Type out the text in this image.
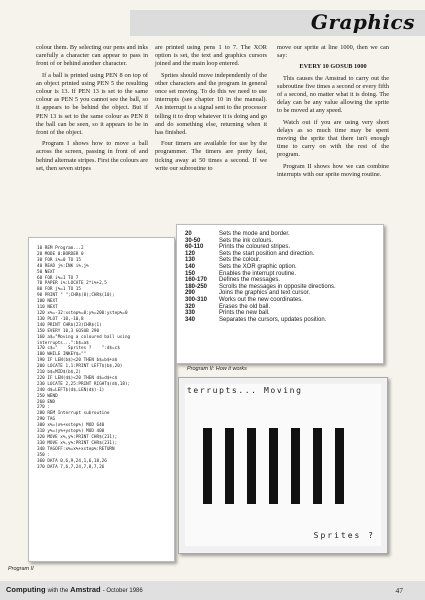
Graphics

colour them. By selecting our pens and inks carefully a character can appear to pass in front of or behind another character.

If a ball is printed using PEN 8 on top of an object printed using PEN 5 the resulting colour is 13. If PEN 13 is set to the same colour as PEN 5 you cannot see the ball, so it appears to be behind the object. But if PEN 13 is set to the same colour as PEN 8 the ball can be seen, so it appears to be in front of the object.

Program I shows how to move a ball across the screen, passing in front of and behind alternate stripes. First the colours are set, then seven stripes

are printed using pens 1 to 7. The XOR option is set, the text and graphics cursors joined and the main loop entered.

Sprites should move independently of the other characters and the program in general once set moving. To do this we need to use interrupts (see chapter 10 in the manual). An interrupt is a signal sent to the processor telling it to drop whatever it is doing and go and do something else, returning when it has finished.

Four timers are available for use by the programmer. The timers are pretty fast, ticking away at 50 times a second. If we write our subroutine to

move our sprite at line 1000, then we can say:

EVERY 10 GOSUB 1000

This causes the Amstrad to carry out the subroutine five times a second or every fifth of a second, no matter what it is doing. The delay can be any value allowing the sprite to be moved at any speed.

Watch out if you are using very short delays as so much time may be spent moving the sprite that there isn't enough time to carry on with the rest of the program.

Program II shows how we can combine interrupts with our sprite moving routine.

10 REM Program...2
20 MODE 0:BORDER 0
30 FOR i%=0 TO 15
40 READ j%:INK i%,j%
50 NEXT
60 FOR i%=1 TO 7
70 PAPER i%:LOCATE 2*i%+2,5
80 FOR j%=1 TO 15
90 PRINT " ";CHR$(8);CHR$(10);
100 NEXT
110 NEXT
120 x%=-32:xstep%=8:y%=200:ystep%=0
130 PLOT -10,-10,8
140 PRINT CHR$(23)CHR$(1)
150 EVERY 10,3 GOSUB 290
160 a$="Moving a coloured ball using
interrupts...":b$=a$
170 c$="    Sprites ?    ":d$=c$
180 WHILE INKEY$=""
190 IF LEN(b$)<20 THEN b$=b$+a$
200 LOCATE 1,1:PRINT LEFT$(b$,20)
210 b$=MID$(b$,2)
220 IF LEN(d$)<20 THEN d$=d$+c$
230 LOCATE 2,25:PRINT RIGHT$(d$,18);
240 d$=LEFT$(d$,LEN(d$)-1)
250 WEND
260 END
270 :
280 REM Interrupt subroutine
290 TAG
300 x%=(x%+xstep%) MOD 640
310 y%=(y%+ystep%) MOD 400
320 MOVE x%,y%:PRINT CHR$(231);
330 MOVE x%,y%:PRINT CHR$(231);
340 TAGOFF:x%=x%+xstep%:RETURN
350 :
360 DATA 0,6,9,24,1,6,18,26
370 DATA 7,6,7,24,7,8,7,26
Program II
20	Sets the mode and border.
30-50	Sets the ink colours.
60-110	Prints the coloured stripes.
120	Sets the start position and direction.
130	Sets the colour.
140	Sets the XOR graphic option.
150	Enables the interrupt routine.
160-170	Defines the messages.
180-250	Scrolls the messages in opposite directions.
290	Joins the graphics and text cursor.
300-310	Works out the new coordinates.
320	Erases the old ball.
330	Prints the new ball.
340	Separates the cursors, updates position.
Program II: How it works
terrupts... Moving
Sprites ?
Computing with the Amstrad - October 1986	47
